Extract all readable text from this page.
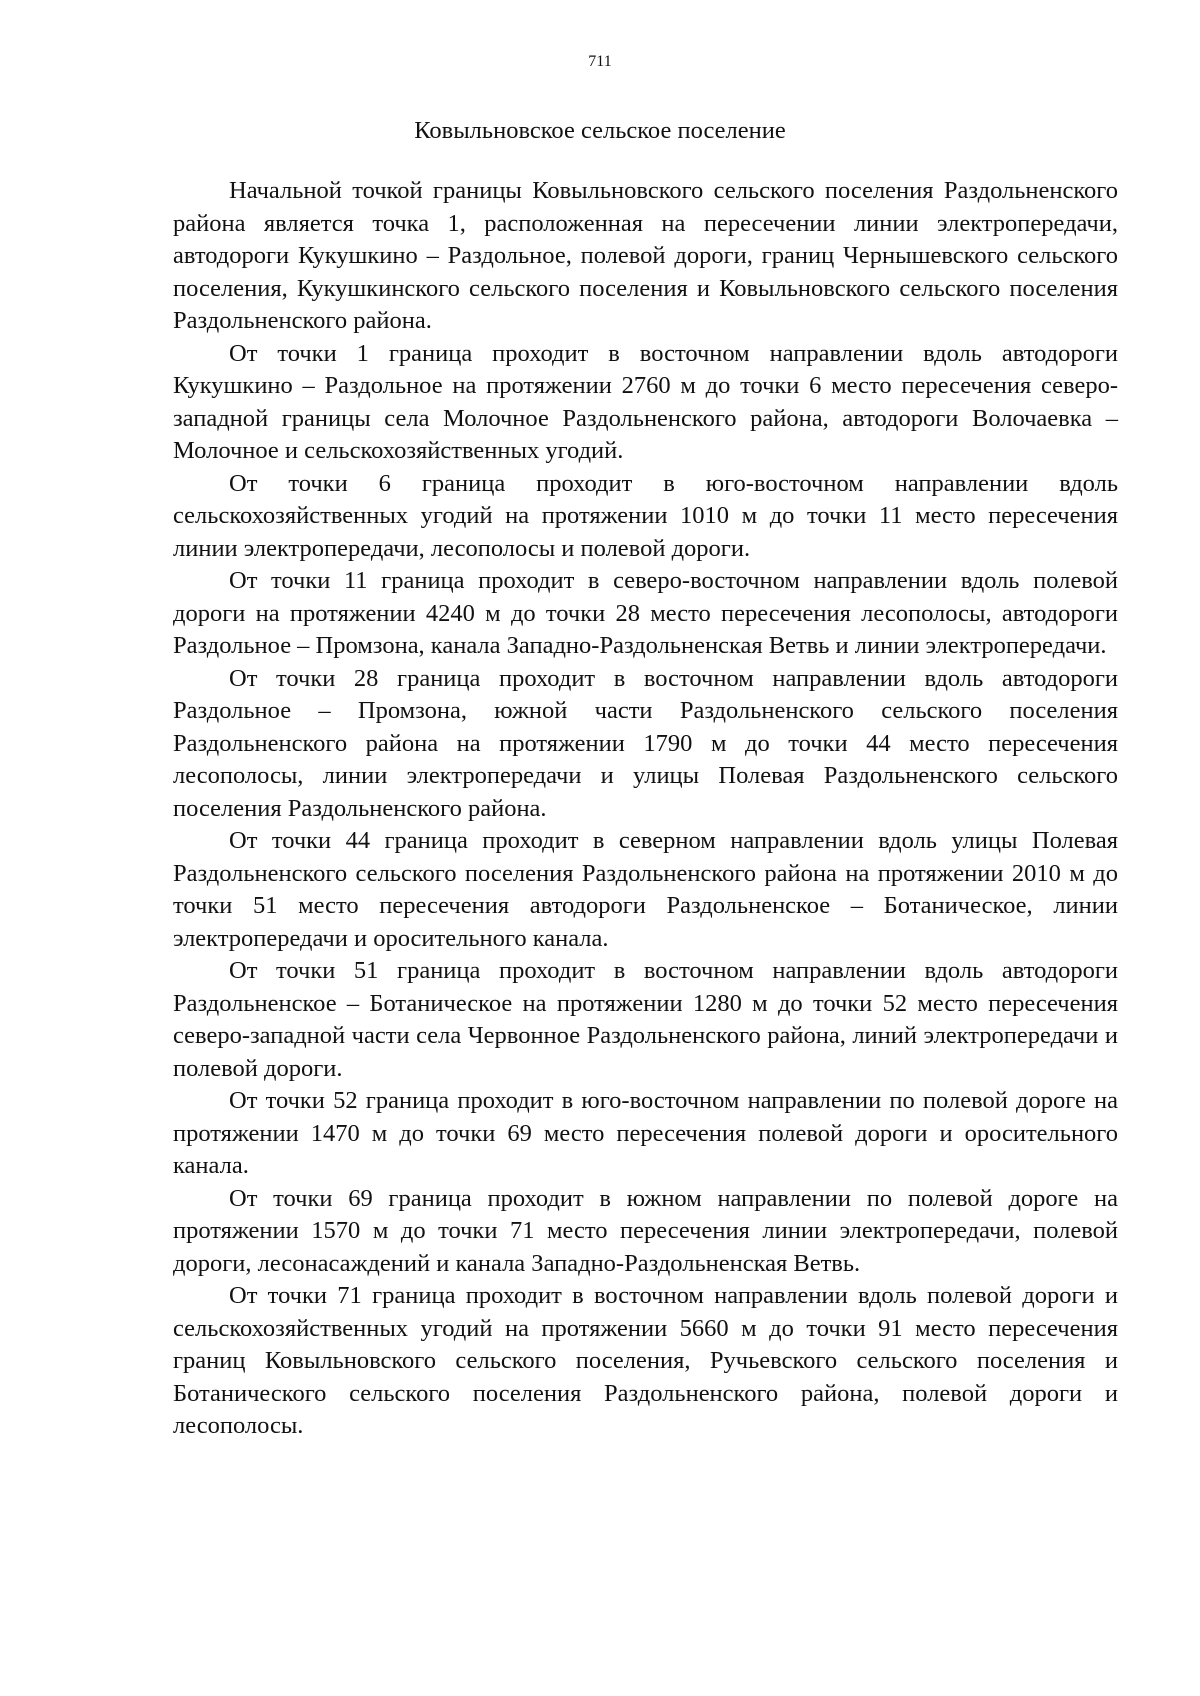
711
Ковыльновское сельское поселение

Начальной точкой границы Ковыльновского сельского поселения Раздольненского района является точка 1, расположенная на пересечении линии электропередачи, автодороги Кукушкино – Раздольное, полевой дороги, границ Чернышевского сельского поселения, Кукушкинского сельского поселения и Ковыльновского сельского поселения Раздольненского района.

От точки 1 граница проходит в восточном направлении вдоль автодороги Кукушкино – Раздольное на протяжении 2760 м до точки 6 место пересечения северо-западной границы села Молочное Раздольненского района, автодороги Волочаевка – Молочное и сельскохозяйственных угодий.

От точки 6 граница проходит в юго-восточном направлении вдоль сельскохозяйственных угодий на протяжении 1010 м до точки 11 место пересечения линии электропередачи, лесополосы и полевой дороги.

От точки 11 граница проходит в северо-восточном направлении вдоль полевой дороги на протяжении 4240 м до точки 28 место пересечения лесополосы, автодороги Раздольное – Промзона, канала Западно-Раздольненская Ветвь и линии электропередачи.

От точки 28 граница проходит в восточном направлении вдоль автодороги Раздольное – Промзона, южной части Раздольненского сельского поселения Раздольненского района на протяжении 1790 м до точки 44 место пересечения лесополосы, линии электропередачи и улицы Полевая Раздольненского сельского поселения Раздольненского района.

От точки 44 граница проходит в северном направлении вдоль улицы Полевая Раздольненского сельского поселения Раздольненского района на протяжении 2010 м до точки 51 место пересечения автодороги Раздольненское – Ботаническое, линии электропередачи и оросительного канала.

От точки 51 граница проходит в восточном направлении вдоль автодороги Раздольненское – Ботаническое на протяжении 1280 м до точки 52 место пересечения северо-западной части села Червонное Раздольненского района, линий электропередачи и полевой дороги.

От точки 52 граница проходит в юго-восточном направлении по полевой дороге на протяжении 1470 м до точки 69 место пересечения полевой дороги и оросительного канала.

От точки 69 граница проходит в южном направлении по полевой дороге на протяжении 1570 м до точки 71 место пересечения линии электропередачи, полевой дороги, лесонасаждений и канала Западно-Раздольненская Ветвь.

От точки 71 граница проходит в восточном направлении вдоль полевой дороги и сельскохозяйственных угодий на протяжении 5660 м до точки 91 место пересечения границ Ковыльновского сельского поселения, Ручьевского сельского поселения и Ботанического сельского поселения Раздольненского района, полевой дороги и лесополосы.
